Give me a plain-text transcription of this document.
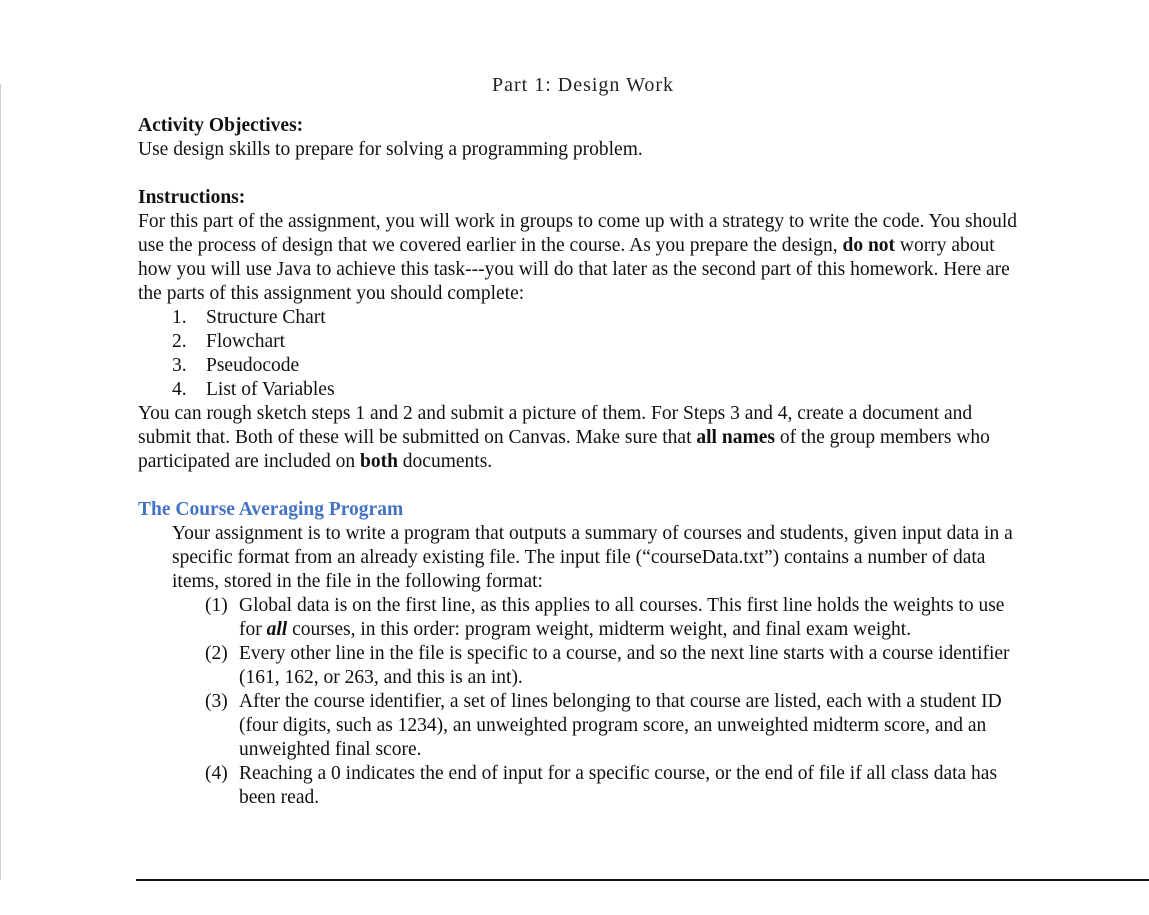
Part 1: Design Work

Activity Objectives:

Use design skills to prepare for solving a programming problem.

Instructions:

For this part of the assignment, you will work in groups to come up with a strategy to write the code. You should use the process of design that we covered earlier in the course. As you prepare the design, do not worry about how you will use Java to achieve this task---you will do that later as the second part of this homework. Here are the parts of this assignment you should complete:

1. Structure Chart
2. Flowchart
3. Pseudocode
4. List of Variables

You can rough sketch steps 1 and 2 and submit a picture of them. For Steps 3 and 4, create a document and submit that. Both of these will be submitted on Canvas. Make sure that all names of the group members who participated are included on both documents.

The Course Averaging Program

Your assignment is to write a program that outputs a summary of courses and students, given input data in a specific format from an already existing file. The input file (“courseData.txt”) contains a number of data items, stored in the file in the following format:

(1) Global data is on the first line, as this applies to all courses. This first line holds the weights to use for all courses, in this order: program weight, midterm weight, and final exam weight.
(2) Every other line in the file is specific to a course, and so the next line starts with a course identifier (161, 162, or 263, and this is an int).
(3) After the course identifier, a set of lines belonging to that course are listed, each with a student ID (four digits, such as 1234), an unweighted program score, an unweighted midterm score, and an unweighted final score.
(4) Reaching a 0 indicates the end of input for a specific course, or the end of file if all class data has been read.
